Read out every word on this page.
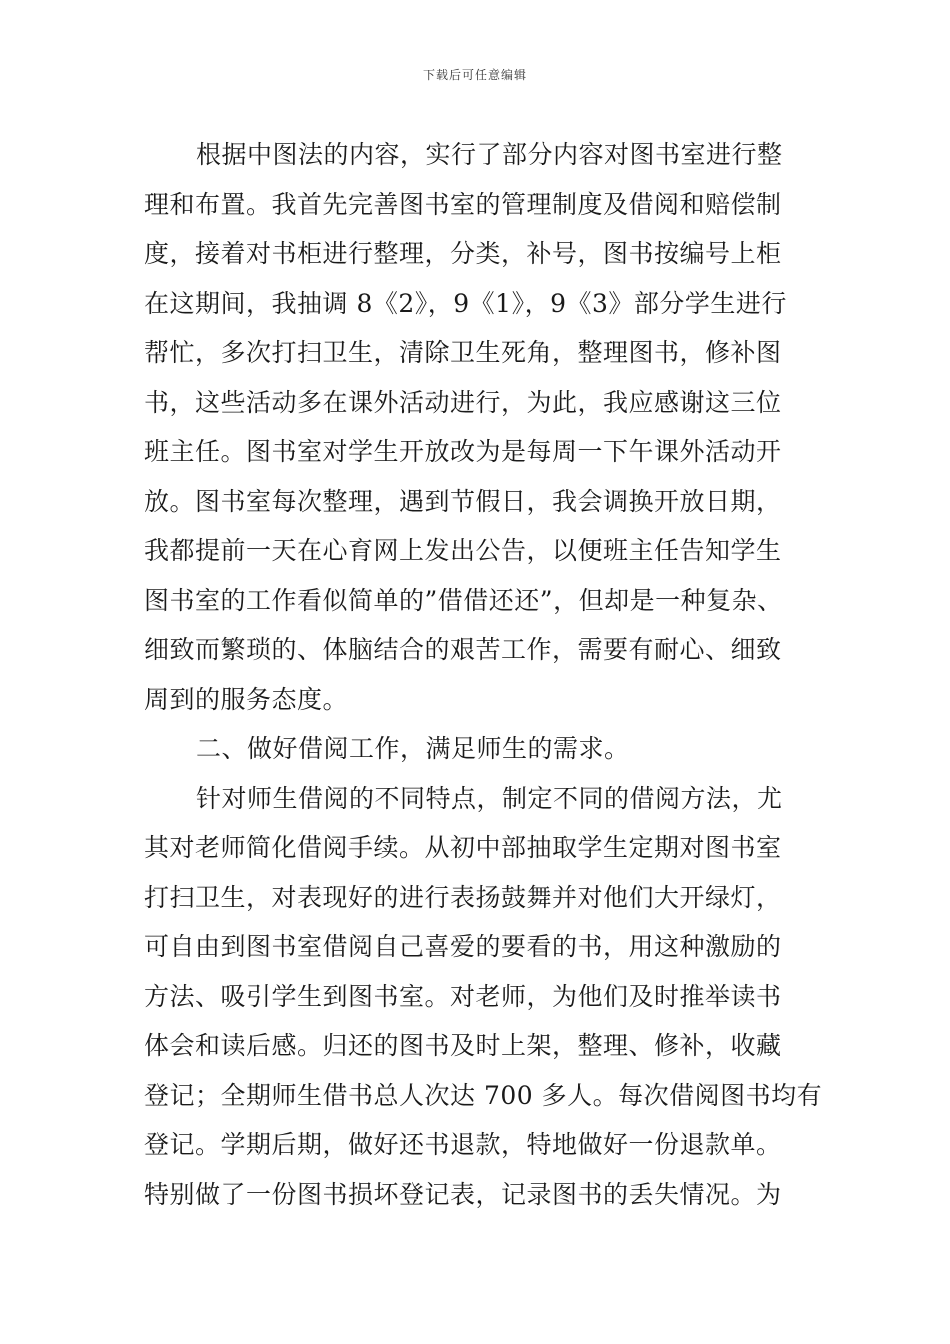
下载后可任意编辑
根据中图法的内容，实行了部分内容对图书室进行整
理和布置。我首先完善图书室的管理制度及借阅和赔偿制
度，接着对书柜进行整理，分类，补号，图书按编号上柜
在这期间，我抽调 8《2》，9《1》，9《3》部分学生进行
帮忙，多次打扫卫生，清除卫生死角，整理图书，修补图
书，这些活动多在课外活动进行，为此，我应感谢这三位
班主任。图书室对学生开放改为是每周一下午课外活动开
放。图书室每次整理，遇到节假日，我会调换开放日期，
我都提前一天在心育网上发出公告，以便班主任告知学生
图书室的工作看似简单的”借借还还”，但却是一种复杂、
细致而繁琐的、体脑结合的艰苦工作，需要有耐心、细致
周到的服务态度。
二、做好借阅工作，满足师生的需求。
针对师生借阅的不同特点，制定不同的借阅方法，尤
其对老师简化借阅手续。从初中部抽取学生定期对图书室
打扫卫生，对表现好的进行表扬鼓舞并对他们大开绿灯，
可自由到图书室借阅自己喜爱的要看的书，用这种激励的
方法、吸引学生到图书室。对老师，为他们及时推举读书
体会和读后感。归还的图书及时上架，整理、修补，收藏
登记；全期师生借书总人次达 700 多人。每次借阅图书均有
登记。学期后期，做好还书退款，特地做好一份退款单。
特别做了一份图书损坏登记表，记录图书的丢失情况。为
